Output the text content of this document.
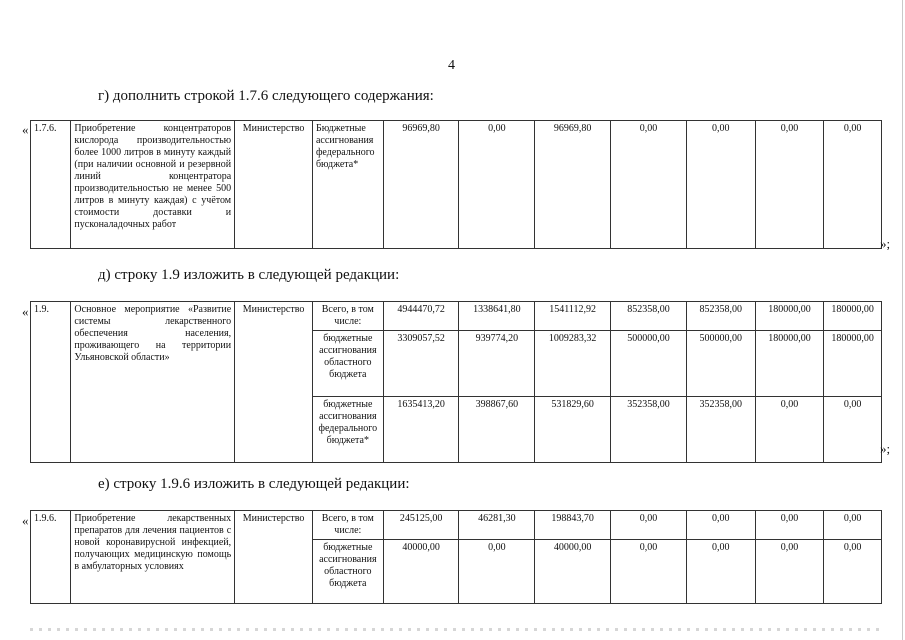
4
г) дополнить строкой 1.7.6 следующего содержания:
« 1.7.6.	Приобретение концентраторов кислорода производительностью более 1000 литров в минуту каждый (при наличии основной и резервной линий концентратора производительностью не менее 500 литров в минуту каждая) с учётом стоимости доставки и пусконаладочных работ	Министерство	Бюджетные ассигнования федерального бюджета*	96969,80	0,00	96969,80	0,00	0,00	0,00	0,00
»;
д) строку 1.9 изложить в следующей редакции:
« 1.9.	Основное мероприятие «Развитие системы лекарственного обеспечения населения, проживающего на территории Ульяновской области»	Министерство	Всего, в том числе:	4944470,72	1338641,80	1541112,92	852358,00	852358,00	180000,00	180000,00
			бюджетные ассигнования областного бюджета	3309057,52	939774,20	1009283,32	500000,00	500000,00	180000,00	180000,00
			бюджетные ассигнования федерального бюджета*	1635413,20	398867,60	531829,60	352358,00	352358,00	0,00	0,00
»;
е) строку 1.9.6 изложить в следующей редакции:
« 1.9.6.	Приобретение лекарственных препаратов для лечения пациентов с новой коронавирусной инфекцией, получающих медицинскую помощь в амбулаторных условиях	Министерство	Всего, в том числе:	245125,00	46281,30	198843,70	0,00	0,00	0,00	0,00
			бюджетные ассигнования областного бюджета	40000,00	0,00	40000,00	0,00	0,00	0,00	0,00
